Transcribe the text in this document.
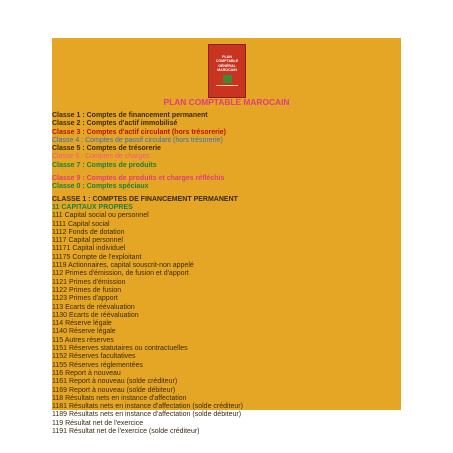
PLAN
COMPTABLE
GÉNÉRAL
MAROCAIN
PLAN COMPTABLE MAROCAIN
Classe 1 : Comptes de financement permanent
Classe 2 : Comptes d'actif immobilisé
Classe 3 : Comptes d'actif circulant (hors trésorerie)
Classe 4 : Comptes de passif circulant (hors trésorerie)
Classe 5 : Comptes de trésorerie
Classe 6 : Comptes de charges
Classe 7 : Comptes de produits
Classe 9 : Comptes de produits et charges réfléchis
Classe 0 : Comptes spéciaux
CLASSE 1 : COMPTES DE FINANCEMENT PERMANENT
11 CAPITAUX PROPRES
111 Capital social ou personnel
1111 Capital social
1112 Fonds de dotation
1117 Capital personnel
11171 Capital individuel
11175 Compte de l'exploitant
1119 Actionnaires, capital souscrit-non appelé
112 Primes d'émission, de fusion et d'apport
1121 Primes d'émission
1122 Primes de fusion
1123 Primes d'apport
113 Ecarts de réévaluation
1130 Ecarts de réévaluation
114 Réserve légale
1140 Réserve légale
115 Autres réserves
1151 Réserves statutaires ou contractuelles
1152 Réserves facultatives
1155 Réserves réglementées
116 Report à nouveau
1161 Report à nouveau (solde créditeur)
1169 Report à nouveau (solde débiteur)
118 Résultats nets en instance d'affectation
1181 Résultats nets en instance d'affectation (solde créditeur)
1189 Résultats nets en instance d'affectation (solde débiteur)
119 Résultat net de l'exercice
1191 Résultat net de l'exercice (solde créditeur)
